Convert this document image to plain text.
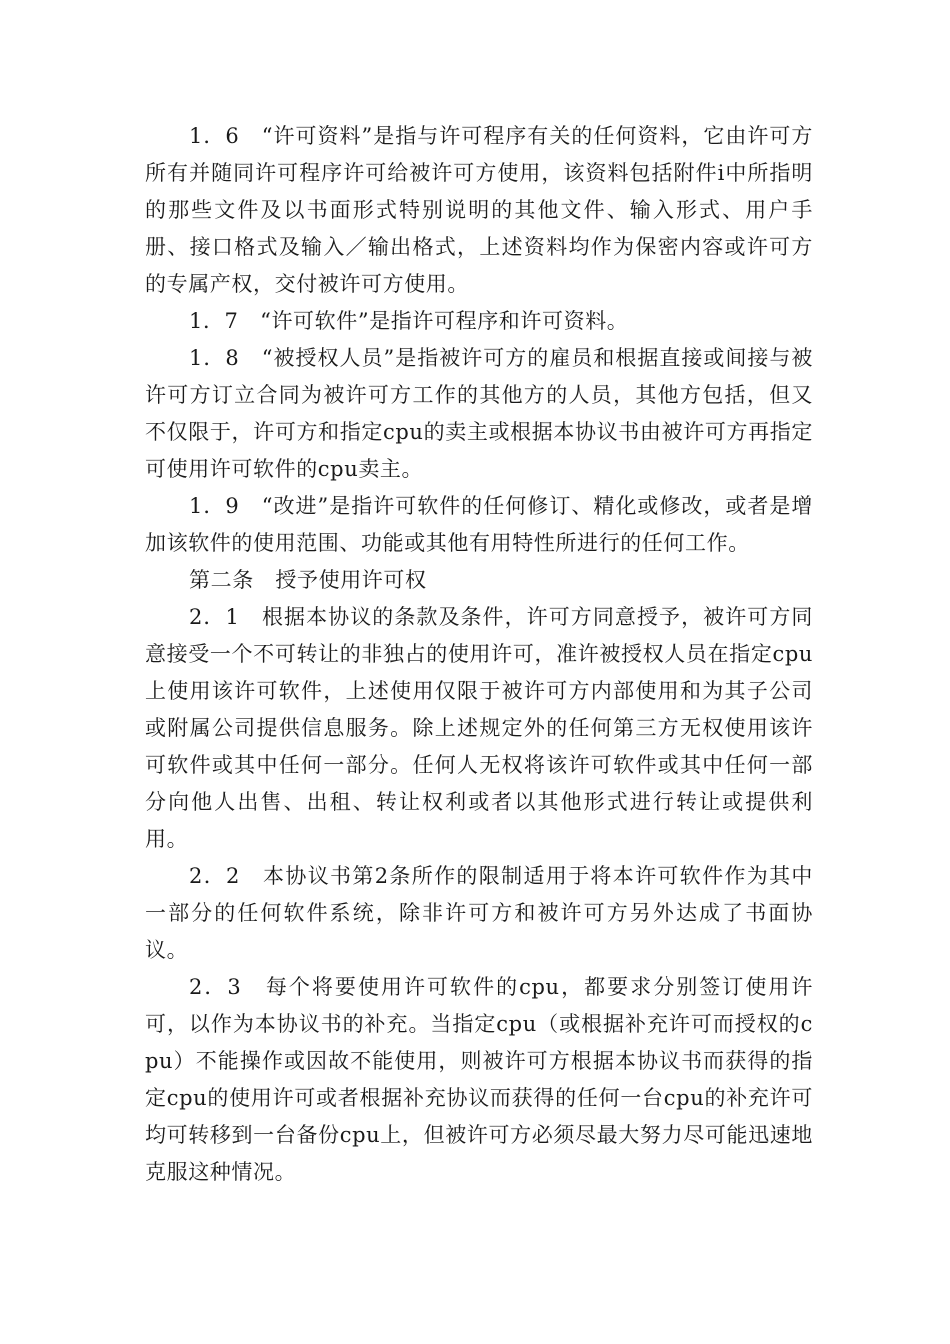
1．6　“许可资料”是指与许可程序有关的任何资料，它由许可方所有并随同许可程序许可给被许可方使用，该资料包括附件ⅰ中所指明的那些文件及以书面形式特别说明的其他文件、输入形式、用户手册、接口格式及输入／输出格式，上述资料均作为保密内容或许可方的专属产权，交付被许可方使用。

1．7　“许可软件”是指许可程序和许可资料。

1．8　“被授权人员”是指被许可方的雇员和根据直接或间接与被许可方订立合同为被许可方工作的其他方的人员，其他方包括，但又不仅限于，许可方和指定cpu的卖主或根据本协议书由被许可方再指定可使用许可软件的cpu卖主。

1．9　“改进”是指许可软件的任何修订、精化或修改，或者是增加该软件的使用范围、功能或其他有用特性所进行的任何工作。

第二条　授予使用许可权

2．1　根据本协议的条款及条件，许可方同意授予，被许可方同意接受一个不可转让的非独占的使用许可，准许被授权人员在指定cpu上使用该许可软件，上述使用仅限于被许可方内部使用和为其子公司或附属公司提供信息服务。除上述规定外的任何第三方无权使用该许可软件或其中任何一部分。任何人无权将该许可软件或其中任何一部分向他人出售、出租、转让权利或者以其他形式进行转让或提供利用。

2．2　本协议书第2条所作的限制适用于将本许可软件作为其中一部分的任何软件系统，除非许可方和被许可方另外达成了书面协议。

2．3　每个将要使用许可软件的cpu，都要求分别签订使用许可，以作为本协议书的补充。当指定cpu（或根据补充许可而授权的cpu）不能操作或因故不能使用，则被许可方根据本协议书而获得的指定cpu的使用许可或者根据补充协议而获得的任何一台cpu的补充许可均可转移到一台备份cpu上，但被许可方必须尽最大努力尽可能迅速地克服这种情况。
